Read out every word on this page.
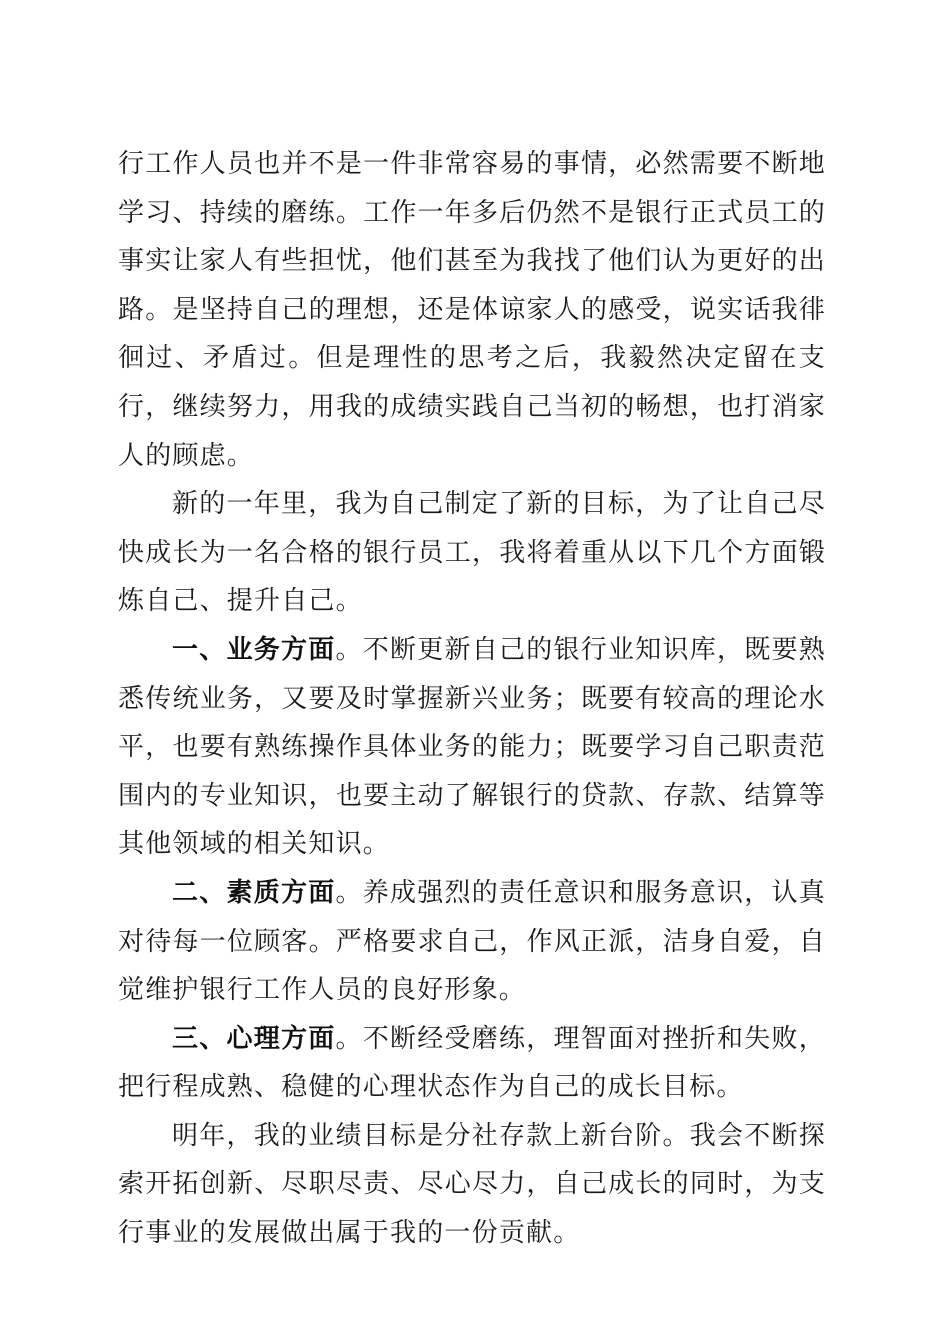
行工作人员也并不是一件非常容易的事情，必然需要不断地学习、持续的磨练。工作一年多后仍然不是银行正式员工的事实让家人有些担忧，他们甚至为我找了他们认为更好的出路。是坚持自己的理想，还是体谅家人的感受，说实话我徘徊过、矛盾过。但是理性的思考之后，我毅然决定留在支行，继续努力，用我的成绩实践自己当初的畅想，也打消家人的顾虑。

新的一年里，我为自己制定了新的目标，为了让自己尽快成长为一名合格的银行员工，我将着重从以下几个方面锻炼自己、提升自己。

一、业务方面。不断更新自己的银行业知识库，既要熟悉传统业务，又要及时掌握新兴业务；既要有较高的理论水平，也要有熟练操作具体业务的能力；既要学习自己职责范围内的专业知识，也要主动了解银行的贷款、存款、结算等其他领域的相关知识。

二、素质方面。养成强烈的责任意识和服务意识，认真对待每一位顾客。严格要求自己，作风正派，洁身自爱，自觉维护银行工作人员的良好形象。

三、心理方面。不断经受磨练，理智面对挫折和失败，把行程成熟、稳健的心理状态作为自己的成长目标。

明年，我的业绩目标是分社存款上新台阶。我会不断探索开拓创新、尽职尽责、尽心尽力，自己成长的同时，为支行事业的发展做出属于我的一份贡献。
